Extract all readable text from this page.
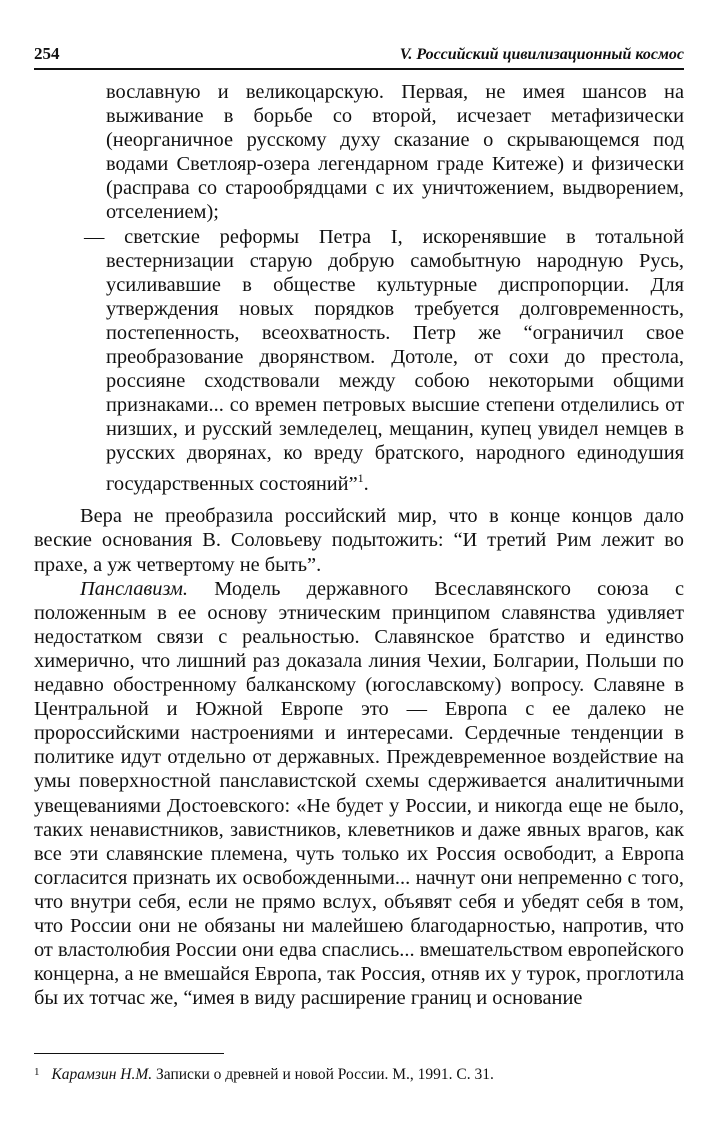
254	V. Российский цивилизационный космос

вославную и великоцарскую. Первая, не имея шансов на выживание в борьбе со второй, исчезает метафизически (неорганичное русскому духу сказание о скрывающемся под водами Светлояр-озера легендарном граде Китеже) и физически (расправа со старообрядцами с их уничтожением, выдворением, отселением);

— светские реформы Петра I, искоренявшие в тотальной вестернизации старую добрую самобытную народную Русь, усиливавшие в обществе культурные диспропорции. Для утверждения новых порядков требуется долговременность, постепенность, всеохватность. Петр же “ограничил свое преобразование дворянством. Дотоле, от сохи до престола, россияне сходствовали между собою некоторыми общими признаками... со времен петровых высшие степени отделились от низших, и русский земледелец, мещанин, купец увидел немцев в русских дворянах, ко вреду братского, народного единодушия государственных состояний”$^1$.

Вера не преобразила российский мир, что в конце концов дало веские основания В. Соловьеву подытожить: “И третий Рим лежит во прахе, а уж четвертому не быть”.

Панславизм. Модель державного Всеславянского союза с положенным в ее основу этническим принципом славянства удивляет недостатком связи с реальностью. Славянское братство и единство химерично, что лишний раз доказала линия Чехии, Болгарии, Польши по недавно обостренному балканскому (югославскому) вопросу. Славяне в Центральной и Южной Европе это — Европа с ее далеко не пророссийскими настроениями и интересами. Сердечные тенденции в политике идут отдельно от державных. Преждевременное воздействие на умы поверхностной панславистской схемы сдерживается аналитичными увещеваниями Достоевского: «Не будет у России, и никогда еще не было, таких ненавистников, завистников, клеветников и даже явных врагов, как все эти славянские племена, чуть только их Россия освободит, а Европа согласится признать их освобожденными... начнут они непременно с того, что внутри себя, если не прямо вслух, объявят себя и убедят себя в том, что России они не обязаны ни малейшею благодарностью, напротив, что от властолюбия России они едва спаслись... вмешательством европейского концерна, а не вмешайся Европа, так Россия, отняв их у турок, проглотила бы их тотчас же, “имея в виду расширение границ и основание

$^1$ Карамзин Н.М. Записки о древней и новой России. М., 1991. С. 31.
